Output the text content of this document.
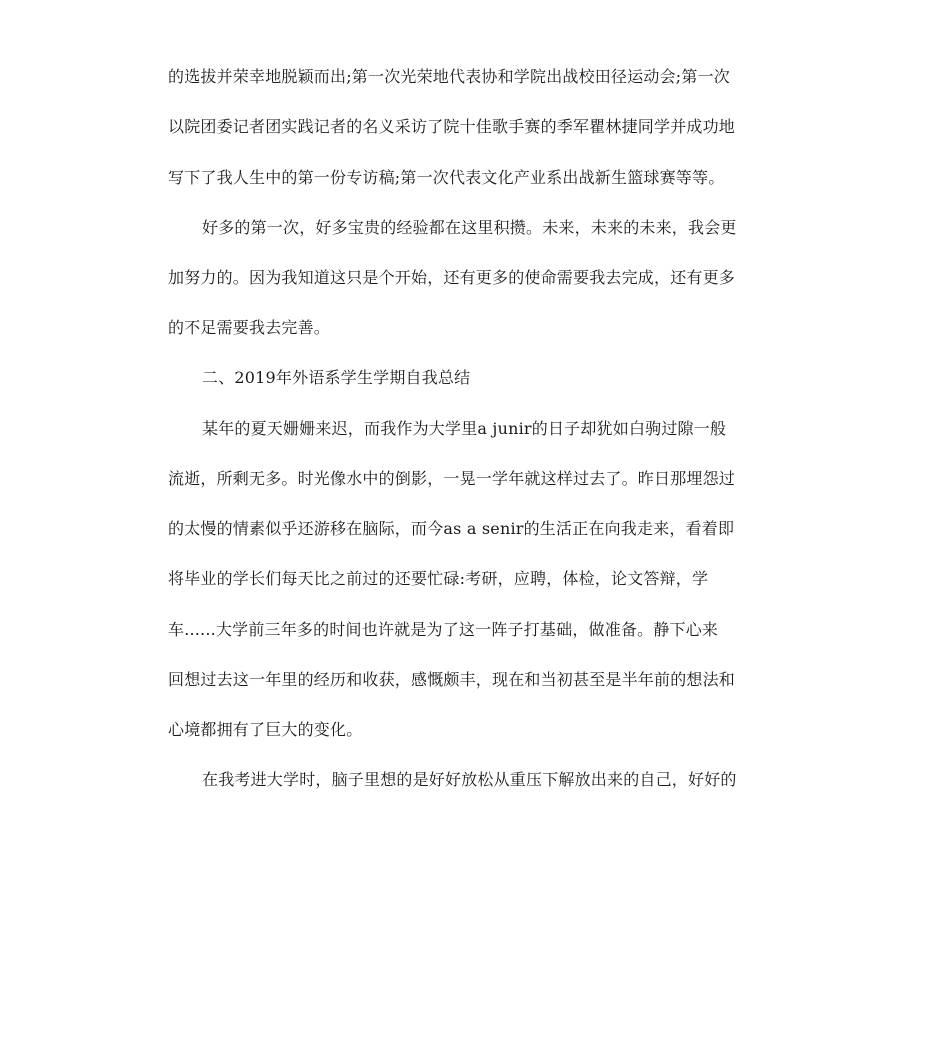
的选拔并荣幸地脱颖而出;第一次光荣地代表协和学院出战校田径运动会;第一次
以院团委记者团实践记者的名义采访了院十佳歌手赛的季军瞿林捷同学并成功地
写下了我人生中的第一份专访稿;第一次代表文化产业系出战新生篮球赛等等。
好多的第一次，好多宝贵的经验都在这里积攒。未来，未来的未来，我会更
加努力的。因为我知道这只是个开始，还有更多的使命需要我去完成，还有更多
的不足需要我去完善。
二、2019年外语系学生学期自我总结
某年的夏天姗姗来迟，而我作为大学里a junir的日子却犹如白驹过隙一般
流逝，所剩无多。时光像水中的倒影，一晃一学年就这样过去了。昨日那埋怨过
的太慢的情素似乎还游移在脑际，而今as a senir的生活正在向我走来，看着即
将毕业的学长们每天比之前过的还要忙碌:考研，应聘，体检，论文答辩，学
车......大学前三年多的时间也许就是为了这一阵子打基础，做准备。静下心来
回想过去这一年里的经历和收获，感慨颇丰，现在和当初甚至是半年前的想法和
心境都拥有了巨大的变化。
在我考进大学时，脑子里想的是好好放松从重压下解放出来的自己，好好的
